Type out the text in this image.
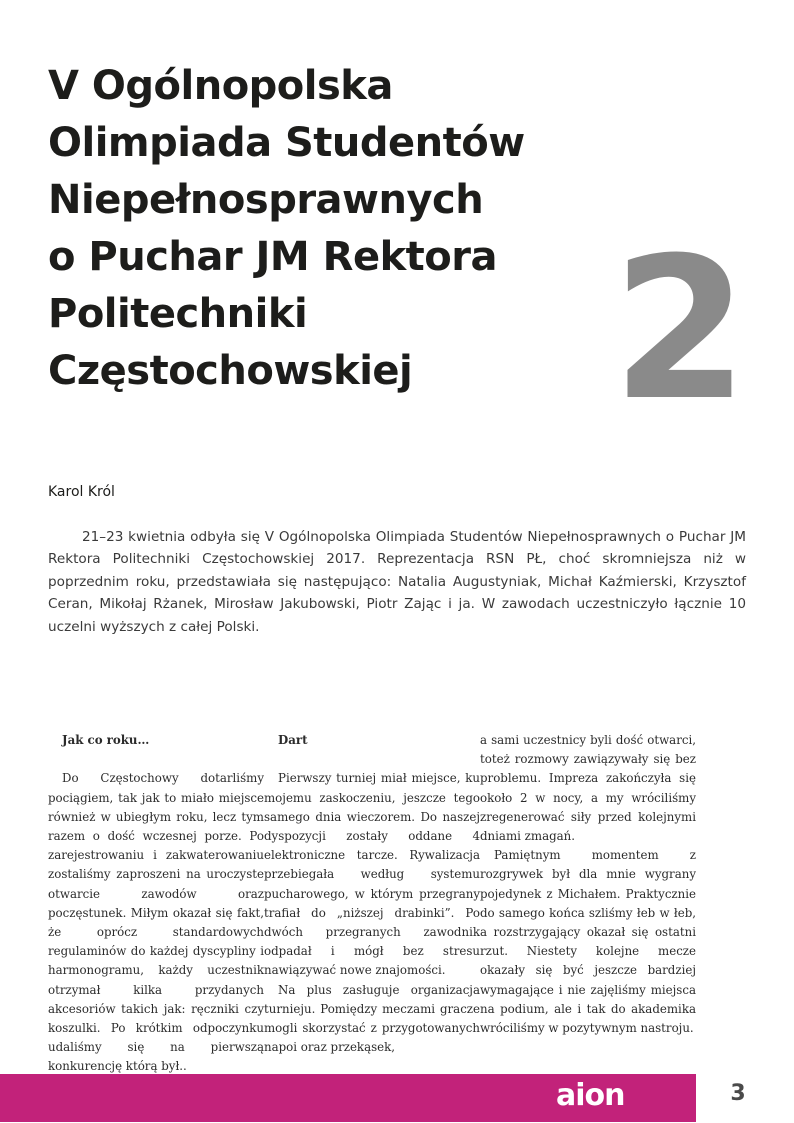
V Ogólnopolska
Olimpiada Studentów
Niepełnosprawnych
o Puchar JM Rektora
Politechniki
Częstochowskiej	2
Karol Król

21–23 kwietnia odbyła się V Ogólnopolska Olimpiada Studentów Niepełnosprawnych o Puchar JM Rektora Politechniki Częstochowskiej 2017. Reprezentacja RSN PŁ, choć skromniejsza niż w poprzednim roku, przedstawiała się następująco: Natalia Augustyniak, Michał Kaźmierski, Krzysztof Ceran, Mikołaj Rżanek, Mirosław Jakubowski, Piotr Zając i ja. W zawodach uczestniczyło łącznie 10 uczelni wyższych z całej Polski.

Jak co roku…

Do Częstochowy dotarliśmy pociągiem, tak jak to miało miejsce również w ubiegłym roku, lecz tym razem o dość wczesnej porze. Po zarejestrowaniu i zakwaterowaniu zostaliśmy zaproszeni na uroczyste otwarcie zawodów oraz poczęstunek. Miłym okazał się fakt, że oprócz standardowych regulaminów do każdej dyscypliny i harmonogramu, każdy uczestnik otrzymał kilka przydanych akcesoriów takich jak: ręczniki czy koszulki. Po krótkim odpoczynku udaliśmy się na pierwszą konkurencję którą był..

Dart

Pierwszy turniej miał miejsce, ku mojemu zaskoczeniu, jeszcze tego samego dnia wieczorem. Do naszej dyspozycji zostały oddane 4 elektroniczne tarcze. Rywalizacja przebiegała według systemu pucharowego, w którym przegrany trafiał do „niższej drabinki”. Po dwóch przegranych zawodnik odpadał i mógł bez stresu nawiązywać nowe znajomości.

Na plus zasługuje organizacja turnieju. Pomiędzy meczami gracze mogli skorzystać z przygotowanych napoi oraz przekąsek,

a sami uczestnicy byli dość otwarci, toteż rozmowy zawiązywały się bez problemu. Impreza zakończyła się około 2 w nocy, a my wróciliśmy zregenerować siły przed kolejnymi dniami zmagań.

Pamiętnym momentem z rozgrywek był dla mnie wygrany pojedynek z Michałem. Praktycznie do samego końca szliśmy łeb w łeb, a rozstrzygający okazał się ostatni rzut. Niestety kolejne mecze okazały się być jeszcze bardziej wymagające i nie zajęliśmy miejsca na podium, ale i tak do akademika wróciliśmy w pozytywnym nastroju.

aion	3
